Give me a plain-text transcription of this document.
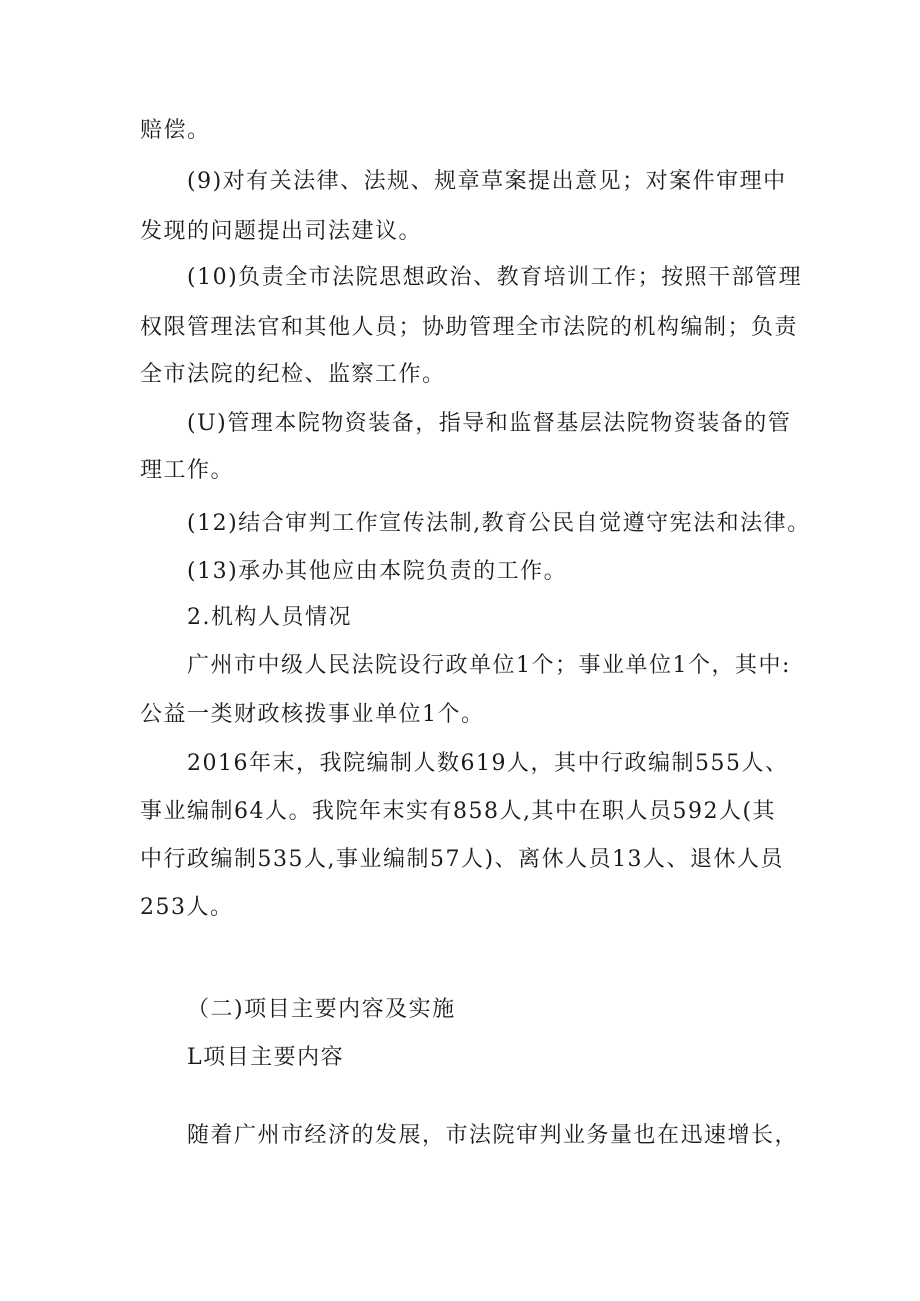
赔偿。
(9)对有关法律、法规、规章草案提出意见；对案件审理中
发现的问题提出司法建议。
(10)负责全市法院思想政治、教育培训工作；按照干部管理
权限管理法官和其他人员；协助管理全市法院的机构编制；负责
全市法院的纪检、监察工作。
(U)管理本院物资装备，指导和监督基层法院物资装备的管
理工作。
(12)结合审判工作宣传法制,教育公民自觉遵守宪法和法律。
(13)承办其他应由本院负责的工作。
2.机构人员情况
广州市中级人民法院设行政单位1个；事业单位1个，其中:
公益一类财政核拨事业单位1个。
2016年末，我院编制人数619人，其中行政编制555人、
事业编制64人。我院年末实有858人,其中在职人员592人(其
中行政编制535人,事业编制57人)、离休人员13人、退休人员
253人。
（二)项目主要内容及实施
L项目主要内容
随着广州市经济的发展，市法院审判业务量也在迅速增长，
